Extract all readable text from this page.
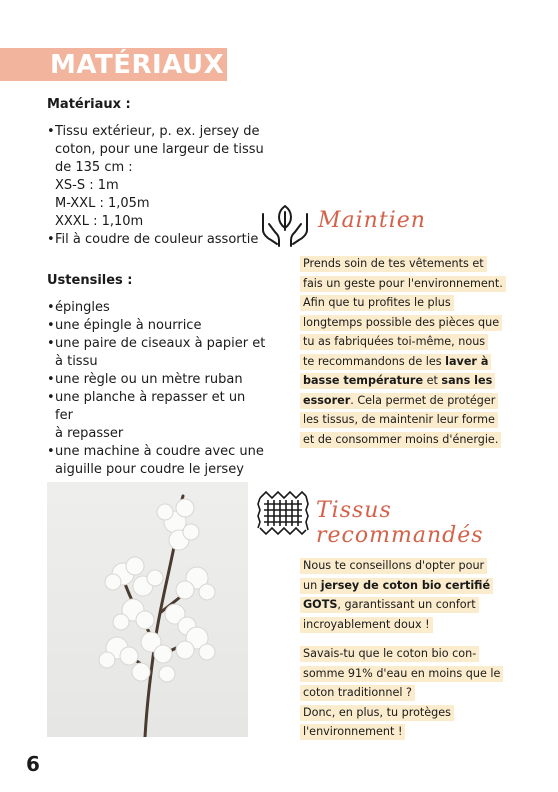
MATÉRIAUX
Matériaux :
• Tissu extérieur, p. ex. jersey de
coton, pour une largeur de tissu
de 135 cm :
XS-S : 1m
M-XXL : 1,05m
XXXL : 1,10m
• Fil à coudre de couleur assortie
Ustensiles :
• épingles
• une épingle à nourrice
• une paire de ciseaux à papier et
à tissu
• une règle ou un mètre ruban
• une planche à repasser et un fer
à repasser
• une machine à coudre avec une
aiguille pour coudre le jersey
Maintien
Prends soin de tes vêtements et
fais un geste pour l'environnement.
Afin que tu profites le plus
longtemps possible des pièces que
tu as fabriquées toi-même, nous
te recommandons de les laver à
basse température et sans les
essorer. Cela permet de protéger
les tissus, de maintenir leur forme
et de consommer moins d'énergie.
Tissus recommandés
Nous te conseillons d'opter pour
un jersey de coton bio certifié
GOTS, garantissant un confort
incroyablement doux !
Savais-tu que le coton bio con-
somme 91% d'eau en moins que le
coton traditionnel ?
Donc, en plus, tu protèges
l'environnement !
6
